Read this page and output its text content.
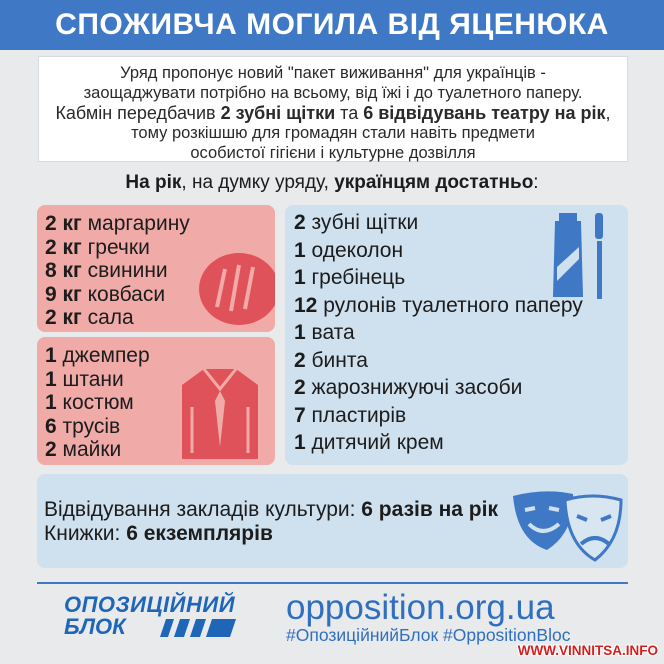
СПОЖИВЧА МОГИЛА ВІД ЯЦЕНЮКА
Уряд пропонує новий "пакет виживання" для українців -
заощаджувати потрібно на всьому, від їжі і до туалетного паперу.
Кабмін передбачив 2 зубні щітки та 6 відвідувань театру на рік,
тому розкішшю для громадян стали навіть предмети
особистої гігієни і культурне дозвілля
На рік, на думку уряду, українцям достатньо:
2 кг маргарину
2 кг гречки
8 кг свинини
9 кг ковбаси
2 кг сала
1 джемпер
1 штани
1 костюм
6 трусів
2 майки
2 зубні щітки
1 одеколон
1 гребінець
12 рулонів туалетного паперу
1 вата
2 бинта
2 жарознижуючі засоби
7 пластирів
1 дитячий крем
Відвідування закладів культури: 6 разів на рік
Книжки: 6 екземплярів
ОПОЗИЦІЙНИЙ
БЛОК	opposition.org.ua
#ОпозиційнийБлок #OppositionBloc
WWW.VINNITSA.INFO
